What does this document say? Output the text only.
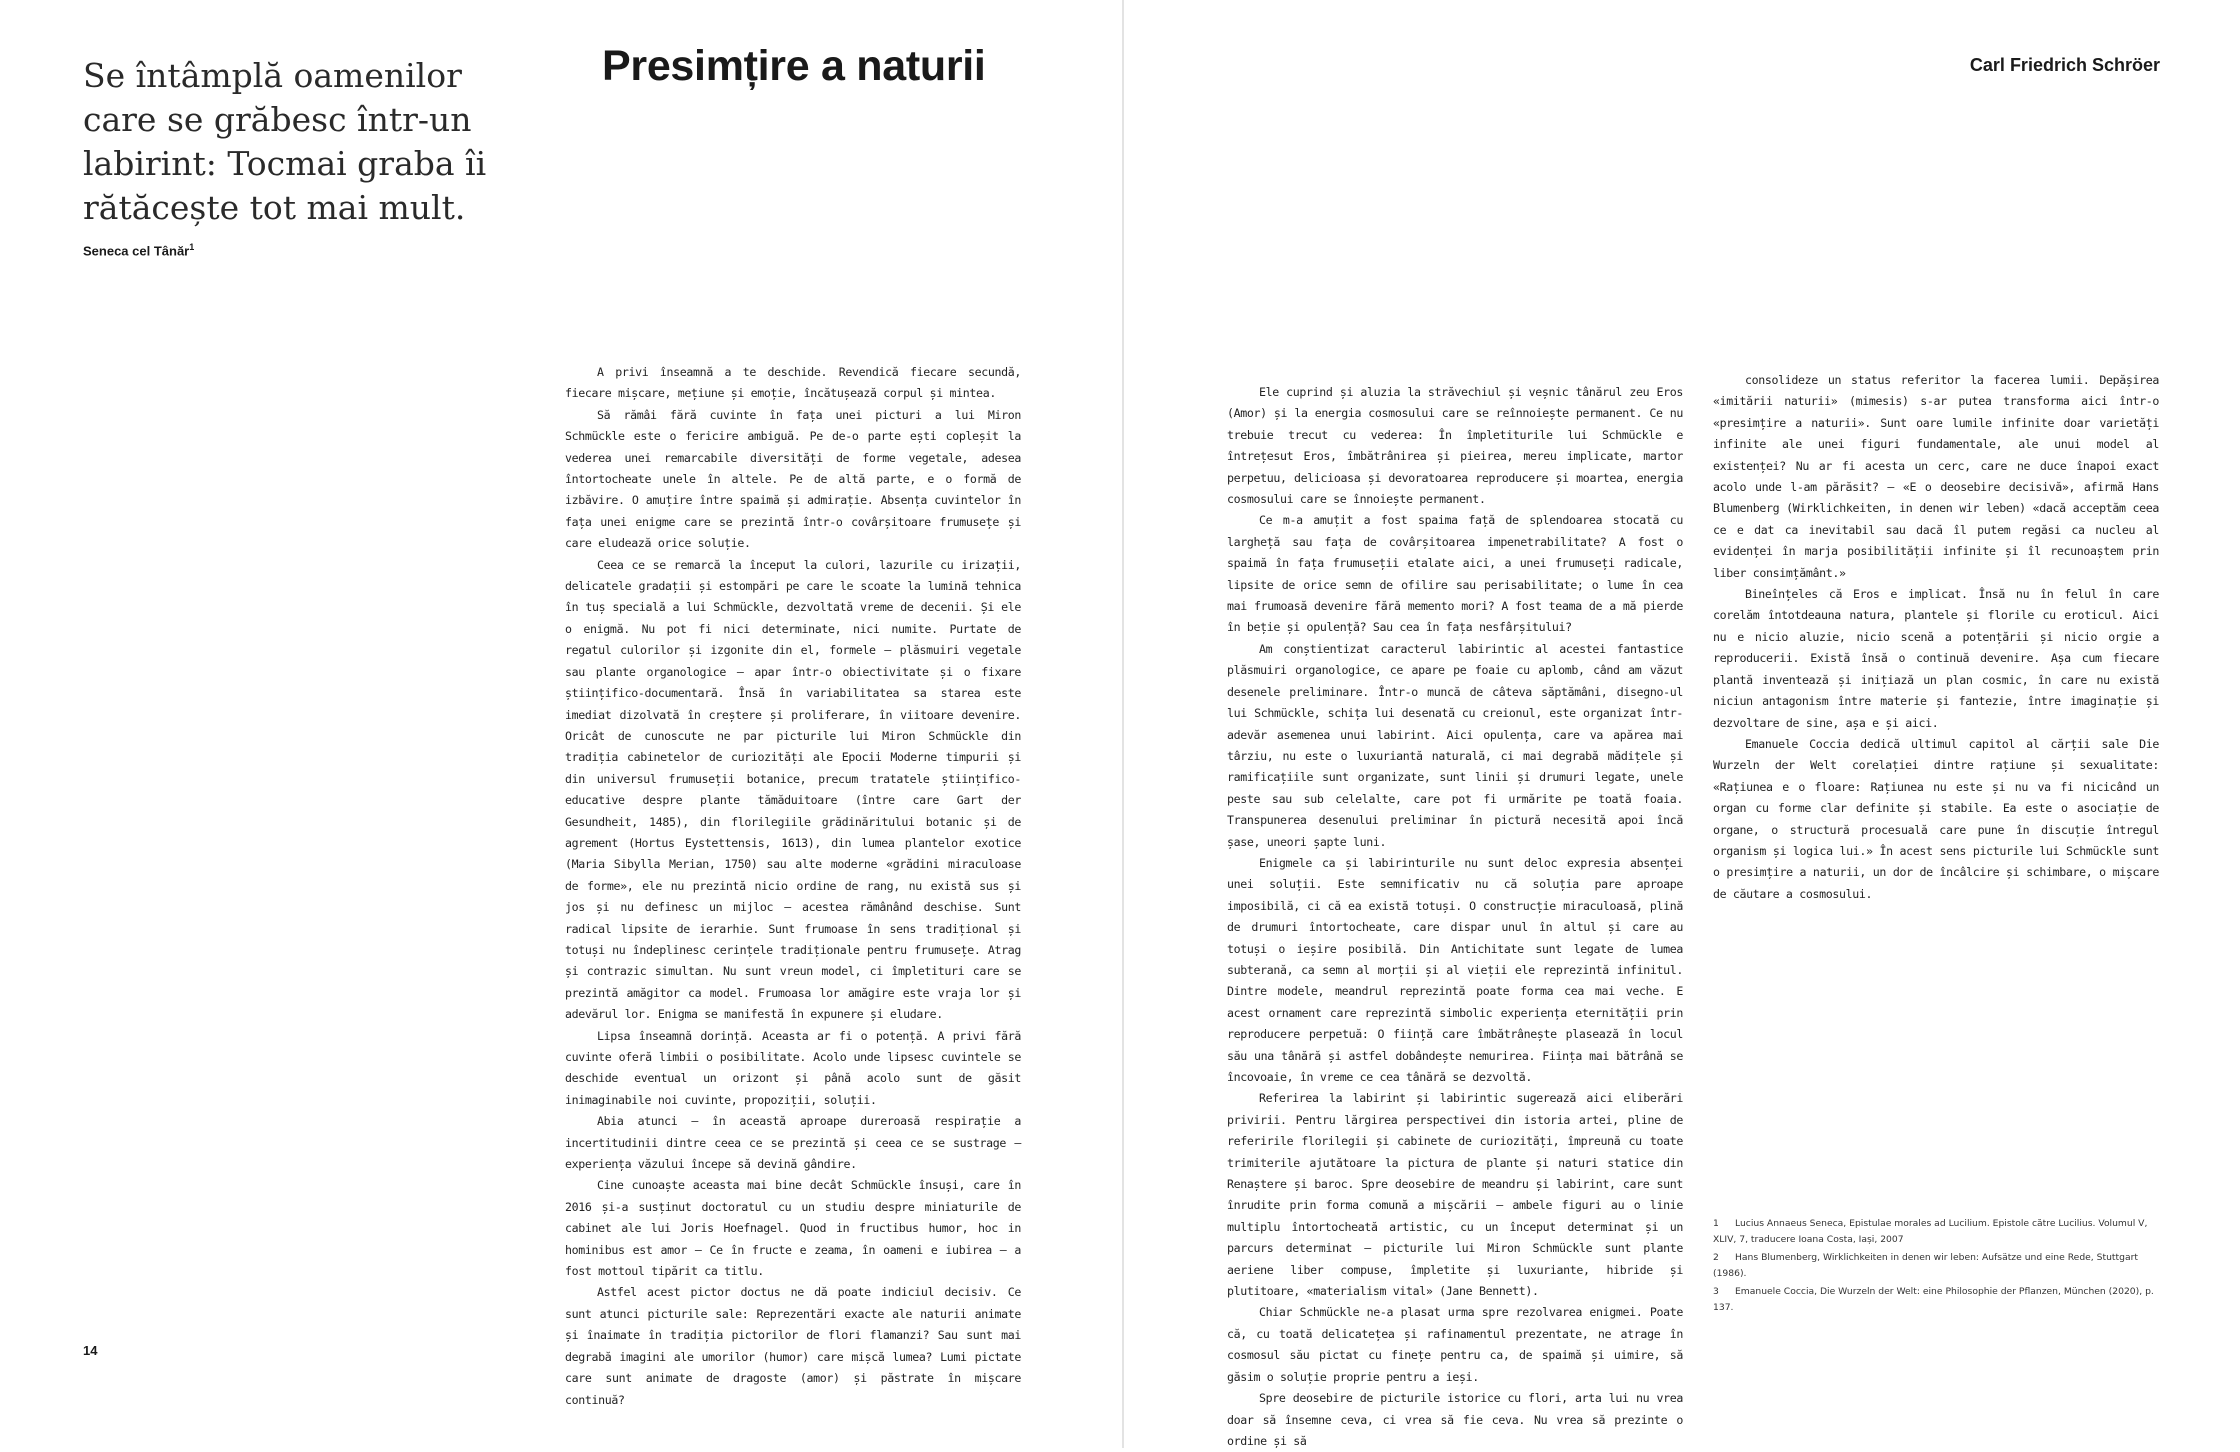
Se întâmplă oamenilor care se grăbesc într-un labirint: Tocmai graba îi rătăcește tot mai mult.

Seneca cel Tânăr$^1$
Presimțire a naturii

A privi înseamnă a te deschide. Revendică fiecare secundă, fiecare mișcare, mețiune și emoție, încătușează corpul și mintea.

Să rămâi fără cuvinte în fața unei picturi a lui Miron Schmückle este o fericire ambiguă. Pe de-o parte ești copleșit la vederea unei remarcabile diversități de forme vegetale, adesea întortocheate unele în altele. Pe de altă parte, e o formă de izbăvire. O amuțire între spaimă și admirație. Absența cuvintelor în fața unei enigme care se prezintă într-o covârșitoare frumusețe și care eludează orice soluție.

Ceea ce se remarcă la început la culori, lazurile cu irizații, delicatele gradații și estompări pe care le scoate la lumină tehnica în tuș specială a lui Schmückle, dezvoltată vreme de decenii. Și ele o enigmă. Nu pot fi nici determinate, nici numite. Purtate de regatul culorilor și izgonite din el, formele – plăsmuiri vegetale sau plante organologice – apar într-o obiectivitate și o fixare științifico-documentară. Însă în variabilitatea sa starea este imediat dizolvată în creștere și proliferare, în viitoare devenire. Oricât de cunoscute ne par picturile lui Miron Schmückle din tradiția cabinetelor de curiozități ale Epocii Moderne timpurii și din universul frumuseții botanice, precum tratatele științifico-educative despre plante tămăduitoare (între care Gart der Gesundheit, 1485), din florilegiile grădinăritului botanic și de agrement (Hortus Eystettensis, 1613), din lumea plantelor exotice (Maria Sibylla Merian, 1750) sau alte moderne «grădini miraculoase de forme», ele nu prezintă nicio ordine de rang, nu există sus și jos și nu definesc un mijloc – acestea rămânând deschise. Sunt radical lipsite de ierarhie. Sunt frumoase în sens tradițional și totuși nu îndeplinesc cerințele tradiționale pentru frumusețe. Atrag și contrazic simultan. Nu sunt vreun model, ci împletituri care se prezintă amăgitor ca model. Frumoasa lor amăgire este vraja lor și adevărul lor. Enigma se manifestă în expunere și eludare.

Lipsa înseamnă dorință. Aceasta ar fi o potență. A privi fără cuvinte oferă limbii o posibilitate. Acolo unde lipsesc cuvintele se deschide eventual un orizont și până acolo sunt de găsit inimaginabile noi cuvinte, propoziții, soluții.

Abia atunci – în această aproape dureroasă respirație a incertitudinii dintre ceea ce se prezintă și ceea ce se sustrage – experiența văzului începe să devină gândire.

Cine cunoaște aceasta mai bine decât Schmückle însuși, care în 2016 și-a susținut doctoratul cu un studiu despre miniaturile de cabinet ale lui Joris Hoefnagel. Quod in fructibus humor, hoc in hominibus est amor – Ce în fructe e zeama, în oameni e iubirea – a fost mottoul tipărit ca titlu.

Astfel acest pictor doctus ne dă poate indiciul decisiv. Ce sunt atunci picturile sale: Reprezentări exacte ale naturii animate și înaimate în tradiția pictorilor de flori flamanzi? Sau sunt mai degrabă imagini ale umorilor (humor) care mișcă lumea? Lumi pictate care sunt animate de dragoste (amor) și păstrate în mișcare continuă?

14
Carl Friedrich Schröer

Ele cuprind și aluzia la străvechiul și veșnic tânărul zeu Eros (Amor) și la energia cosmosului care se reînnoiește permanent. Ce nu trebuie trecut cu vederea: În împletiturile lui Schmückle e întrețesut Eros, îmbătrânirea și pieirea, mereu implicate, martor perpetuu, delicioasa și devoratoarea reproducere și moartea, energia cosmosului care se înnoiește permanent.

Ce m-a amuțit a fost spaima față de splendoarea stocată cu largheță sau fața de covârșitoarea impenetrabilitate? A fost o spaimă în fața frumuseții etalate aici, a unei frumuseți radicale, lipsite de orice semn de ofilire sau perisabilitate; o lume în cea mai frumoasă devenire fără memento mori? A fost teama de a mă pierde în beție și opulență? Sau cea în fața nesfârșitului?

Am conștientizat caracterul labirintic al acestei fantastice plăsmuiri organologice, ce apare pe foaie cu aplomb, când am văzut desenele preliminare. Într-o muncă de câteva săptămâni, disegno-ul lui Schmückle, schița lui desenată cu creionul, este organizat într-adevăr asemenea unui labirint. Aici opulența, care va apărea mai târziu, nu este o luxuriantă naturală, ci mai degrabă mădițele și ramificațiile sunt organizate, sunt linii și drumuri legate, unele peste sau sub celelalte, care pot fi urmărite pe toată foaia. Transpunerea desenului preliminar în pictură necesită apoi încă șase, uneori șapte luni.

Enigmele ca și labirinturile nu sunt deloc expresia absenței unei soluții. Este semnificativ nu că soluția pare aproape imposibilă, ci că ea există totuși. O construcție miraculoasă, plină de drumuri întortocheate, care dispar unul în altul și care au totuși o ieșire posibilă. Din Antichitate sunt legate de lumea subterană, ca semn al morții și al vieții ele reprezintă infinitul. Dintre modele, meandrul reprezintă poate forma cea mai veche. E acest ornament care reprezintă simbolic experiența eternității prin reproducere perpetuă: O ființă care îmbătrânește plasează în locul său una tânără și astfel dobândește nemurirea. Ființa mai bătrână se încovoaie, în vreme ce cea tânără se dezvoltă.

Referirea la labirint și labirintic sugerează aici eliberări privirii. Pentru lărgirea perspectivei din istoria artei, pline de referirile florilegii și cabinete de curiozități, împreună cu toate trimiterile ajutătoare la pictura de plante și naturi statice din Renaștere și baroc. Spre deosebire de meandru și labirint, care sunt înrudite prin forma comună a mișcării – ambele figuri au o linie multiplu întortocheată artistic, cu un început determinat și un parcurs determinat – picturile lui Miron Schmückle sunt plante aeriene liber compuse, împletite și luxuriante, hibride și plutitoare, «materialism vital» (Jane Bennett).

Chiar Schmückle ne-a plasat urma spre rezolvarea enigmei. Poate că, cu toată delicatețea și rafinamentul prezentate, ne atrage în cosmosul său pictat cu finețe pentru ca, de spaimă și uimire, să găsim o soluție proprie pentru a ieși.

Spre deosebire de picturile istorice cu flori, arta lui nu vrea doar să însemne ceva, ci vrea să fie ceva. Nu vrea să prezinte o ordine și să

consolideze un status referitor la facerea lumii. Depășirea «imitării naturii» (mimesis) s-ar putea transforma aici într-o «presimțire a naturii». Sunt oare lumile infinite doar varietăți infinite ale unei figuri fundamentale, ale unui model al existenței? Nu ar fi acesta un cerc, care ne duce înapoi exact acolo unde l-am părăsit? – «E o deosebire decisivă», afirmă Hans Blumenberg (Wirklichkeiten, in denen wir leben) «dacă acceptăm ceea ce e dat ca inevitabil sau dacă îl putem regăsi ca nucleu al evidenței în marja posibilității infinite și îl recunoaștem prin liber consimțământ.»

Bineînțeles că Eros e implicat. Însă nu în felul în care corelăm întotdeauna natura, plantele și florile cu eroticul. Aici nu e nicio aluzie, nicio scenă a potențării și nicio orgie a reproducerii. Există însă o continuă devenire. Așa cum fiecare plantă inventează și inițiază un plan cosmic, în care nu există niciun antagonism între materie și fantezie, între imaginație și dezvoltare de sine, așa e și aici.

Emanuele Coccia dedică ultimul capitol al cărții sale Die Wurzeln der Welt corelației dintre rațiune și sexualitate: «Rațiunea e o floare: Rațiunea nu este și nu va fi nicicând un organ cu forme clar definite și stabile. Ea este o asociație de organe, o structură procesuală care pune în discuție întregul organism și logica lui.» În acest sens picturile lui Schmückle sunt o presimțire a naturii, un dor de încâlcire și schimbare, o mișcare de căutare a cosmosului.

1 Lucius Annaeus Seneca, Epistulae morales ad Lucilium. Epistole către Lucilius. Volumul V, XLIV, 7, traducere Ioana Costa, Iași, 2007

2 Hans Blumenberg, Wirklichkeiten in denen wir leben: Aufsätze und eine Rede, Stuttgart (1986).

3 Emanuele Coccia, Die Wurzeln der Welt: eine Philosophie der Pflanzen, München (2020), p. 137.
